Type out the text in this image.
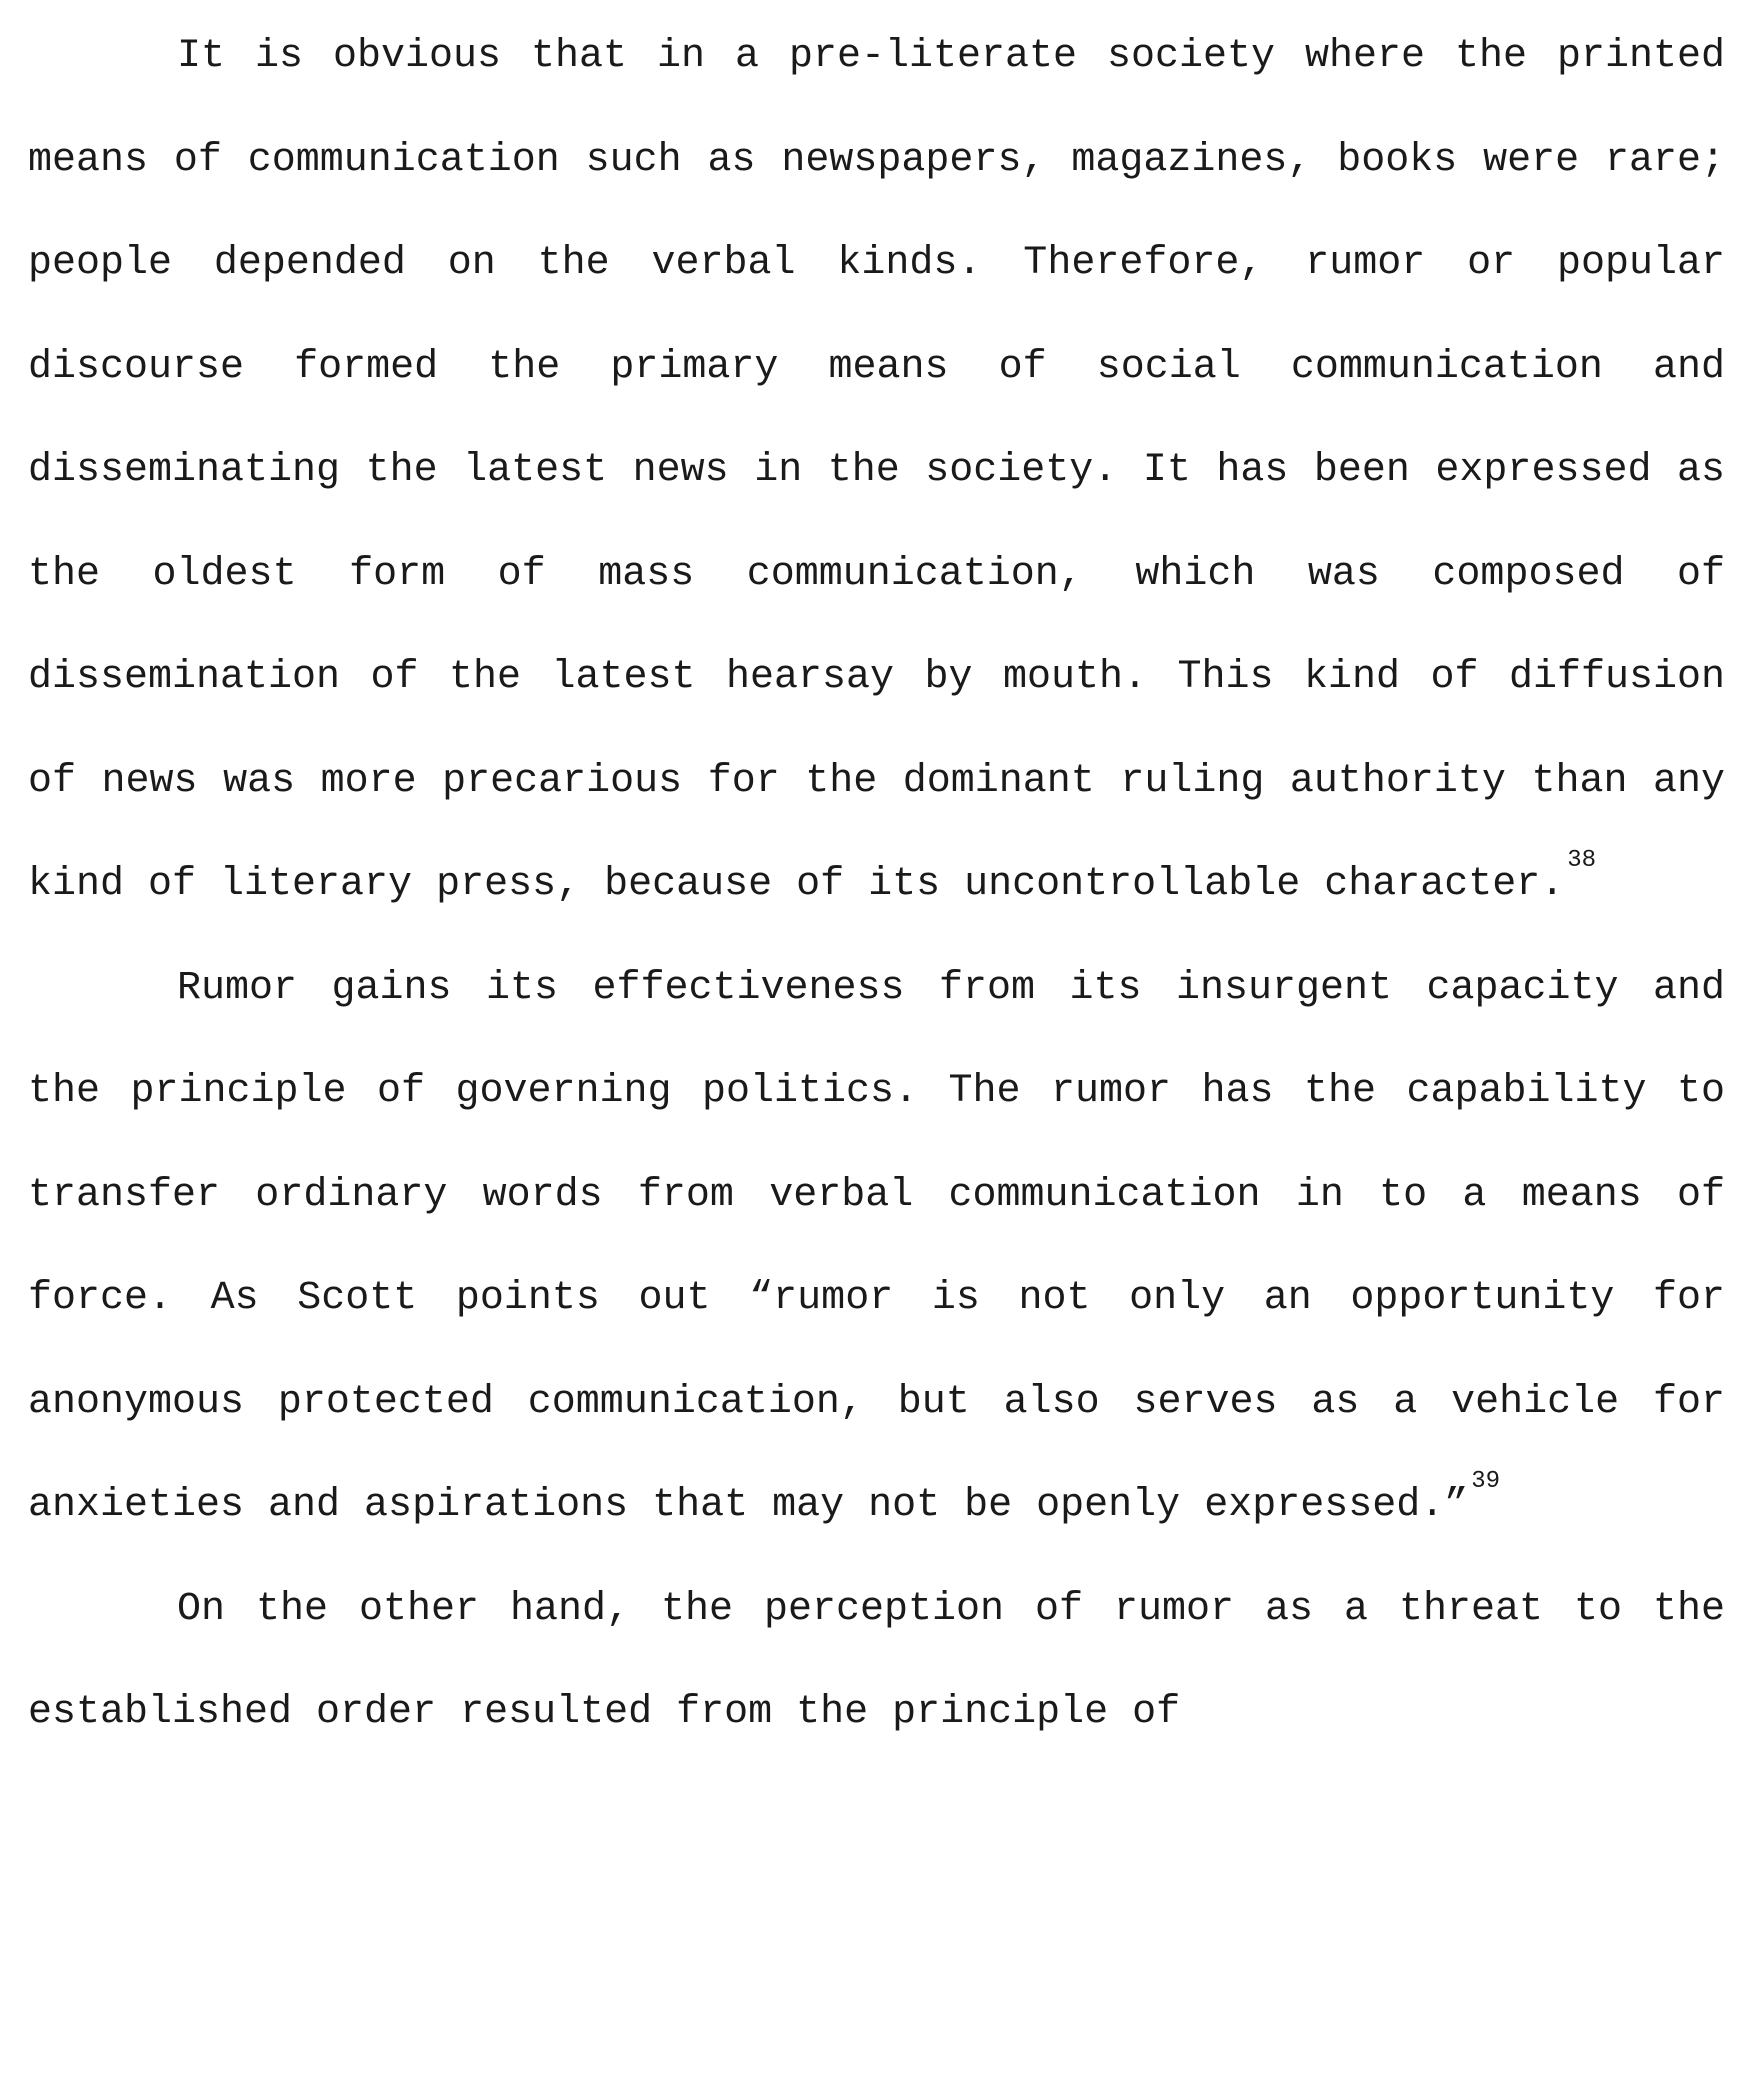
It is obvious that in a pre-literate society where the printed means of communication such as newspapers, magazines, books were rare; people depended on the verbal kinds. Therefore, rumor or popular discourse formed the primary means of social communication and disseminating the latest news in the society. It has been expressed as the oldest form of mass communication, which was composed of dissemination of the latest hearsay by mouth. This kind of diffusion of news was more precarious for the dominant ruling authority than any kind of literary press, because of its uncontrollable character.$^{38}$

Rumor gains its effectiveness from its insurgent capacity and the principle of governing politics. The rumor has the capability to transfer ordinary words from verbal communication in to a means of force. As Scott points out “rumor is not only an opportunity for anonymous protected communication, but also serves as a vehicle for anxieties and aspirations that may not be openly expressed.”$^{39}$

On the other hand, the perception of rumor as a threat to the established order resulted from the principle of
